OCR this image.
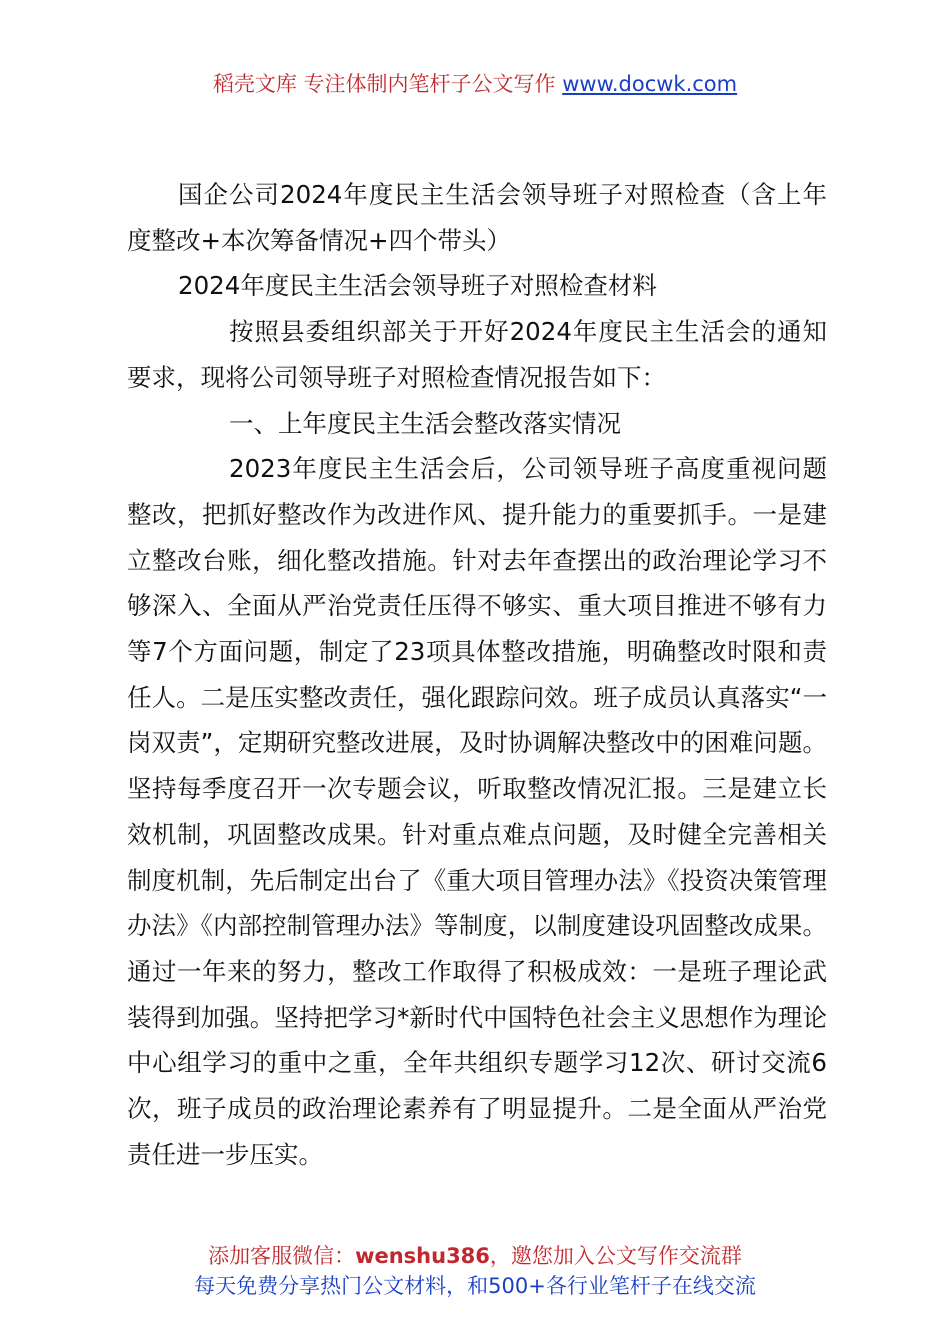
稻壳文库 专注体制内笔杆子公文写作 www.docwk.com

国企公司2024年度民主生活会领导班子对照检查（含上年度整改+本次筹备情况+四个带头）

2024年度民主生活会领导班子对照检查材料

按照县委组织部关于开好2024年度民主生活会的通知要求，现将公司领导班子对照检查情况报告如下：

一、上年度民主生活会整改落实情况

2023年度民主生活会后，公司领导班子高度重视问题整改，把抓好整改作为改进作风、提升能力的重要抓手。一是建立整改台账，细化整改措施。针对去年查摆出的政治理论学习不够深入、全面从严治党责任压得不够实、重大项目推进不够有力等7个方面问题，制定了23项具体整改措施，明确整改时限和责任人。二是压实整改责任，强化跟踪问效。班子成员认真落实“一岗双责”，定期研究整改进展，及时协调解决整改中的困难问题。坚持每季度召开一次专题会议，听取整改情况汇报。三是建立长效机制，巩固整改成果。针对重点难点问题，及时健全完善相关制度机制，先后制定出台了《重大项目管理办法》《投资决策管理办法》《内部控制管理办法》等制度，以制度建设巩固整改成果。通过一年来的努力，整改工作取得了积极成效：一是班子理论武装得到加强。坚持把学习*新时代中国特色社会主义思想作为理论中心组学习的重中之重，全年共组织专题学习12次、研讨交流6次，班子成员的政治理论素养有了明显提升。二是全面从严治党责任进一步压实。

添加客服微信：wenshu386，邀您加入公文写作交流群
每天免费分享热门公文材料，和500+各行业笔杆子在线交流
